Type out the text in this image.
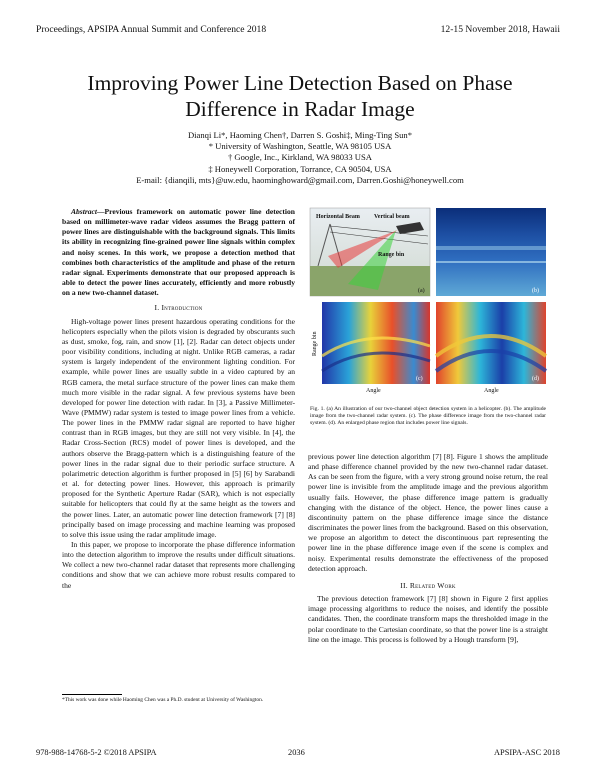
Proceedings, APSIPA Annual Summit and Conference 2018	12-15 November 2018, Hawaii
Improving Power Line Detection Based on Phase
Difference in Radar Image
Dianqi Li*, Haoming Chen†, Darren S. Goshi‡, Ming-Ting Sun*
* University of Washington, Seattle, WA 98105 USA
† Google, Inc., Kirkland, WA 98033 USA
‡ Honeywell Corporation, Torrance, CA 90504, USA
E-mail: {dianqili, mts}@uw.edu, haominghoward@gmail.com, Darren.Goshi@honeywell.com

Abstract—Previous framework on automatic power line detection based on millimeter-wave radar videos assumes the Bragg pattern of power lines are distinguishable with the background signals. This limits its ability in recognizing fine-grained power line signals within complex and noisy scenes. In this work, we propose a detection method that combines both characteristics of the amplitude and phase of the return radar signal. Experiments demonstrate that our proposed approach is able to detect the power lines accurately, efficiently and more robustly on a new two-channel dataset.

I. Introduction

High-voltage power lines present hazardous operating conditions for the helicopters especially when the pilots vision is degraded by obscurants such as dust, smoke, fog, rain, and snow [1], [2]. Radar can detect objects under poor visibility conditions, including at night. Unlike RGB cameras, a radar system is largely independent of the environment lighting condition. For example, while power lines are usually subtle in a video captured by an RGB camera, the metal surface structure of the power lines can make them much more visible in the radar signal. A few previous systems have been developed for power line detection with radar. In [3], a Passive Millimeter-Wave (PMMW) radar system is tested to image power lines from a vehicle. The power lines in the PMMW radar signal are reported to have higher contrast than in RGB images, but they are still not very visible. In [4], the Radar Cross-Section (RCS) model of power lines is developed, and the authors observe the Bragg-pattern which is a distinguishing feature of the power lines in the radar signal due to their periodic surface structure. A polarimetric detection algorithm is further proposed in [5] [6] by Sarabandi et al. for detecting power lines. However, this approach is primarily proposed for the Synthetic Aperture Radar (SAR), which is not especially suitable for helicopters that could fly at the same height as the towers and the power lines. Later, an automatic power line detection framework [7] [8] principally based on image processing and machine learning was proposed to solve this issue using the radar amplitude image.

In this paper, we propose to incorporate the phase difference information into the detection algorithm to improve the results under difficult situations. We collect a new two-channel radar dataset that represents more challenging conditions and show that we can achieve more robust results compared to the

*This work was done while Haoming Chen was a Ph.D. student at University of Washington.
Horizontal Beam Vertical beam
Range bin
(a)	(b)
(c)
Range bin
Angle
(d)
Angle
Fig. 1. (a) An illustration of our two-channel object detection system in a helicopter. (b). The amplitude image from the two-channel radar system. (c). The phase difference image from the two-channel radar system. (d). An enlarged phase region that includes power line signals.

previous power line detection algorithm [7] [8]. Figure 1 shows the amplitude and phase difference channel provided by the new two-channel radar dataset. As can be seen from the figure, with a very strong ground noise return, the real power line is invisible from the amplitude image and the previous algorithm usually fails. However, the phase difference image pattern is gradually changing with the distance of the object. Hence, the power lines cause a discontinuity pattern on the phase difference image since the distance discriminates the power lines from the background. Based on this observation, we propose an algorithm to detect the discontinuous part representing the power line in the phase difference image even if the scene is complex and noisy. Experimental results demonstrate the effectiveness of the proposed detection approach.

II. Related Work

The previous detection framework [7] [8] shown in Figure 2 first applies image processing algorithms to reduce the noises, and identify the possible candidates. Then, the coordinate transform maps the thresholded image in the polar coordinate to the Cartesian coordinate, so that the power line is a straight line on the image. This process is followed by a Hough transform [9],

978-988-14768-5-2 ©2018 APSIPA	2036	APSIPA-ASC 2018
